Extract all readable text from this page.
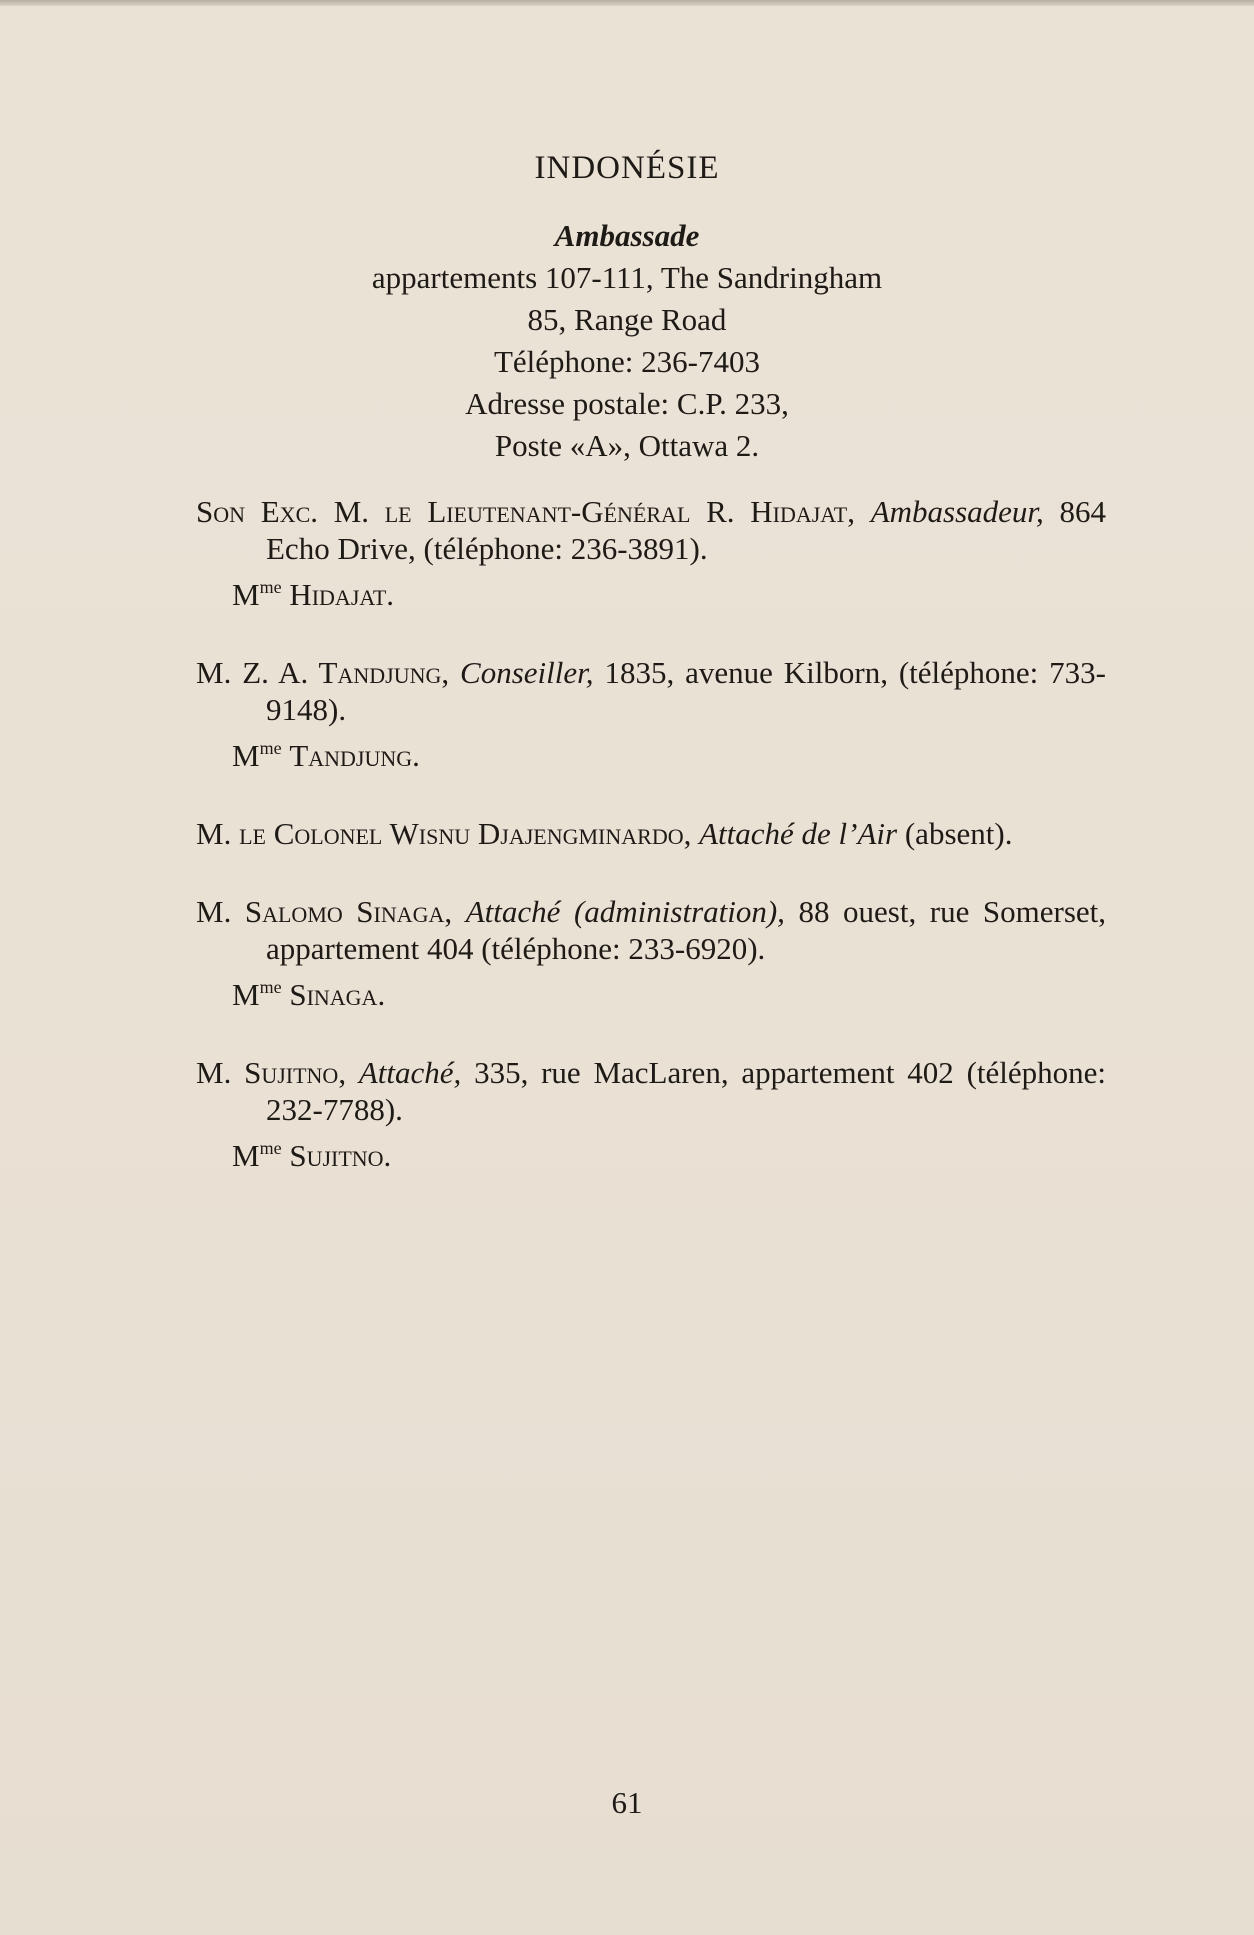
INDONÉSIE
Ambassade
appartements 107-111, The Sandringham
85, Range Road
Téléphone: 236-7403
Adresse postale: C.P. 233,
Poste «A», Ottawa 2.
Son Exc. M. le Lieutenant-Général R. Hidajat, Ambassadeur, 864 Echo Drive, (téléphone: 236-3891).
$M^{me}$ Hidajat.
M. Z. A. Tandjung, Conseiller, 1835, avenue Kilborn, (téléphone: 733-9148).
$M^{me}$ Tandjung.
M. le Colonel Wisnu Djajengminardo, Attaché de l’Air (absent).
M. Salomo Sinaga, Attaché (administration), 88 ouest, rue Somerset, appartement 404 (téléphone: 233-6920).
$M^{me}$ Sinaga.
M. Sujitno, Attaché, 335, rue MacLaren, appartement 402 (téléphone: 232-7788).
$M^{me}$ Sujitno.
61
